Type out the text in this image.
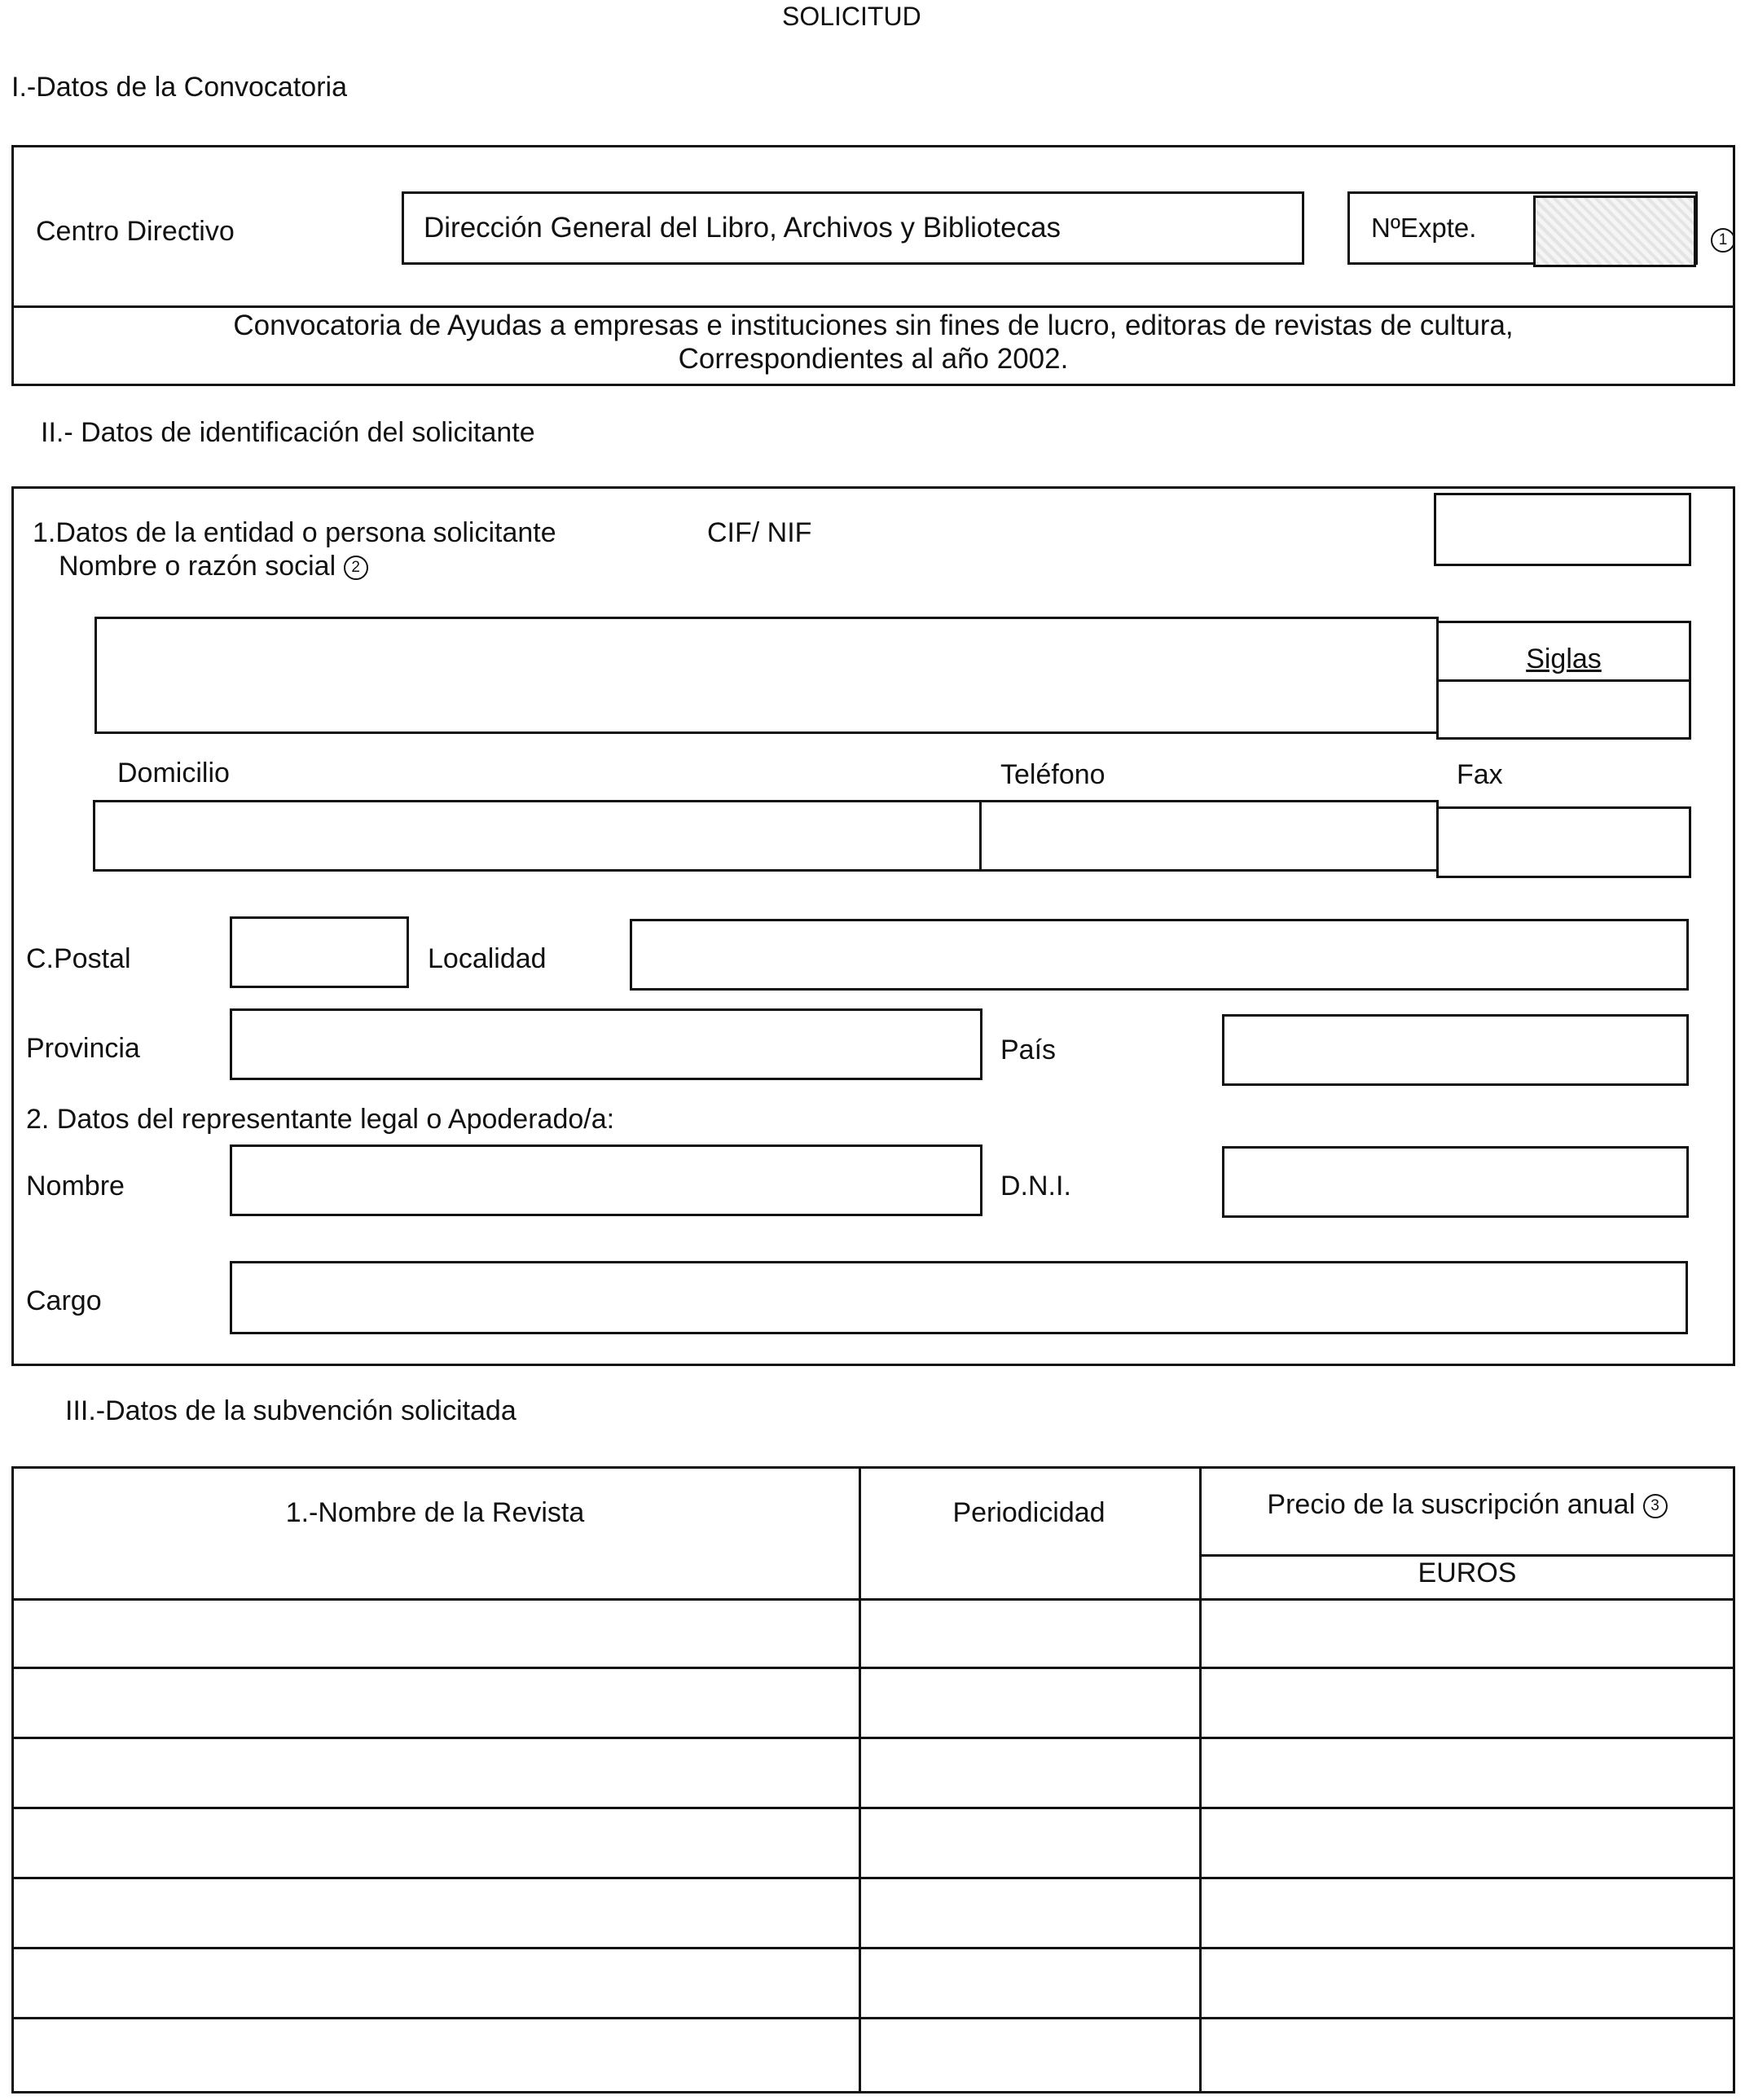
SOLICITUD
I.-Datos de la Convocatoria
Centro Directivo	Dirección General del Libro, Archivos y Bibliotecas	NºExpte.	1
Convocatoria de Ayudas a empresas e instituciones sin fines de lucro, editoras de revistas de cultura,
Correspondientes al año 2002.
II.- Datos de identificación del solicitante
1.Datos de la entidad o persona solicitante	CIF/ NIF
Nombre o razón social 2
Siglas
Domicilio	Teléfono	Fax
C.Postal	Localidad
Provincia	País
2. Datos del representante legal o Apoderado/a:
Nombre	D.N.I.
Cargo
III.-Datos de la subvención solicitada
1.-Nombre de la Revista	Periodicidad	Precio de la suscripción anual 3
EUROS
